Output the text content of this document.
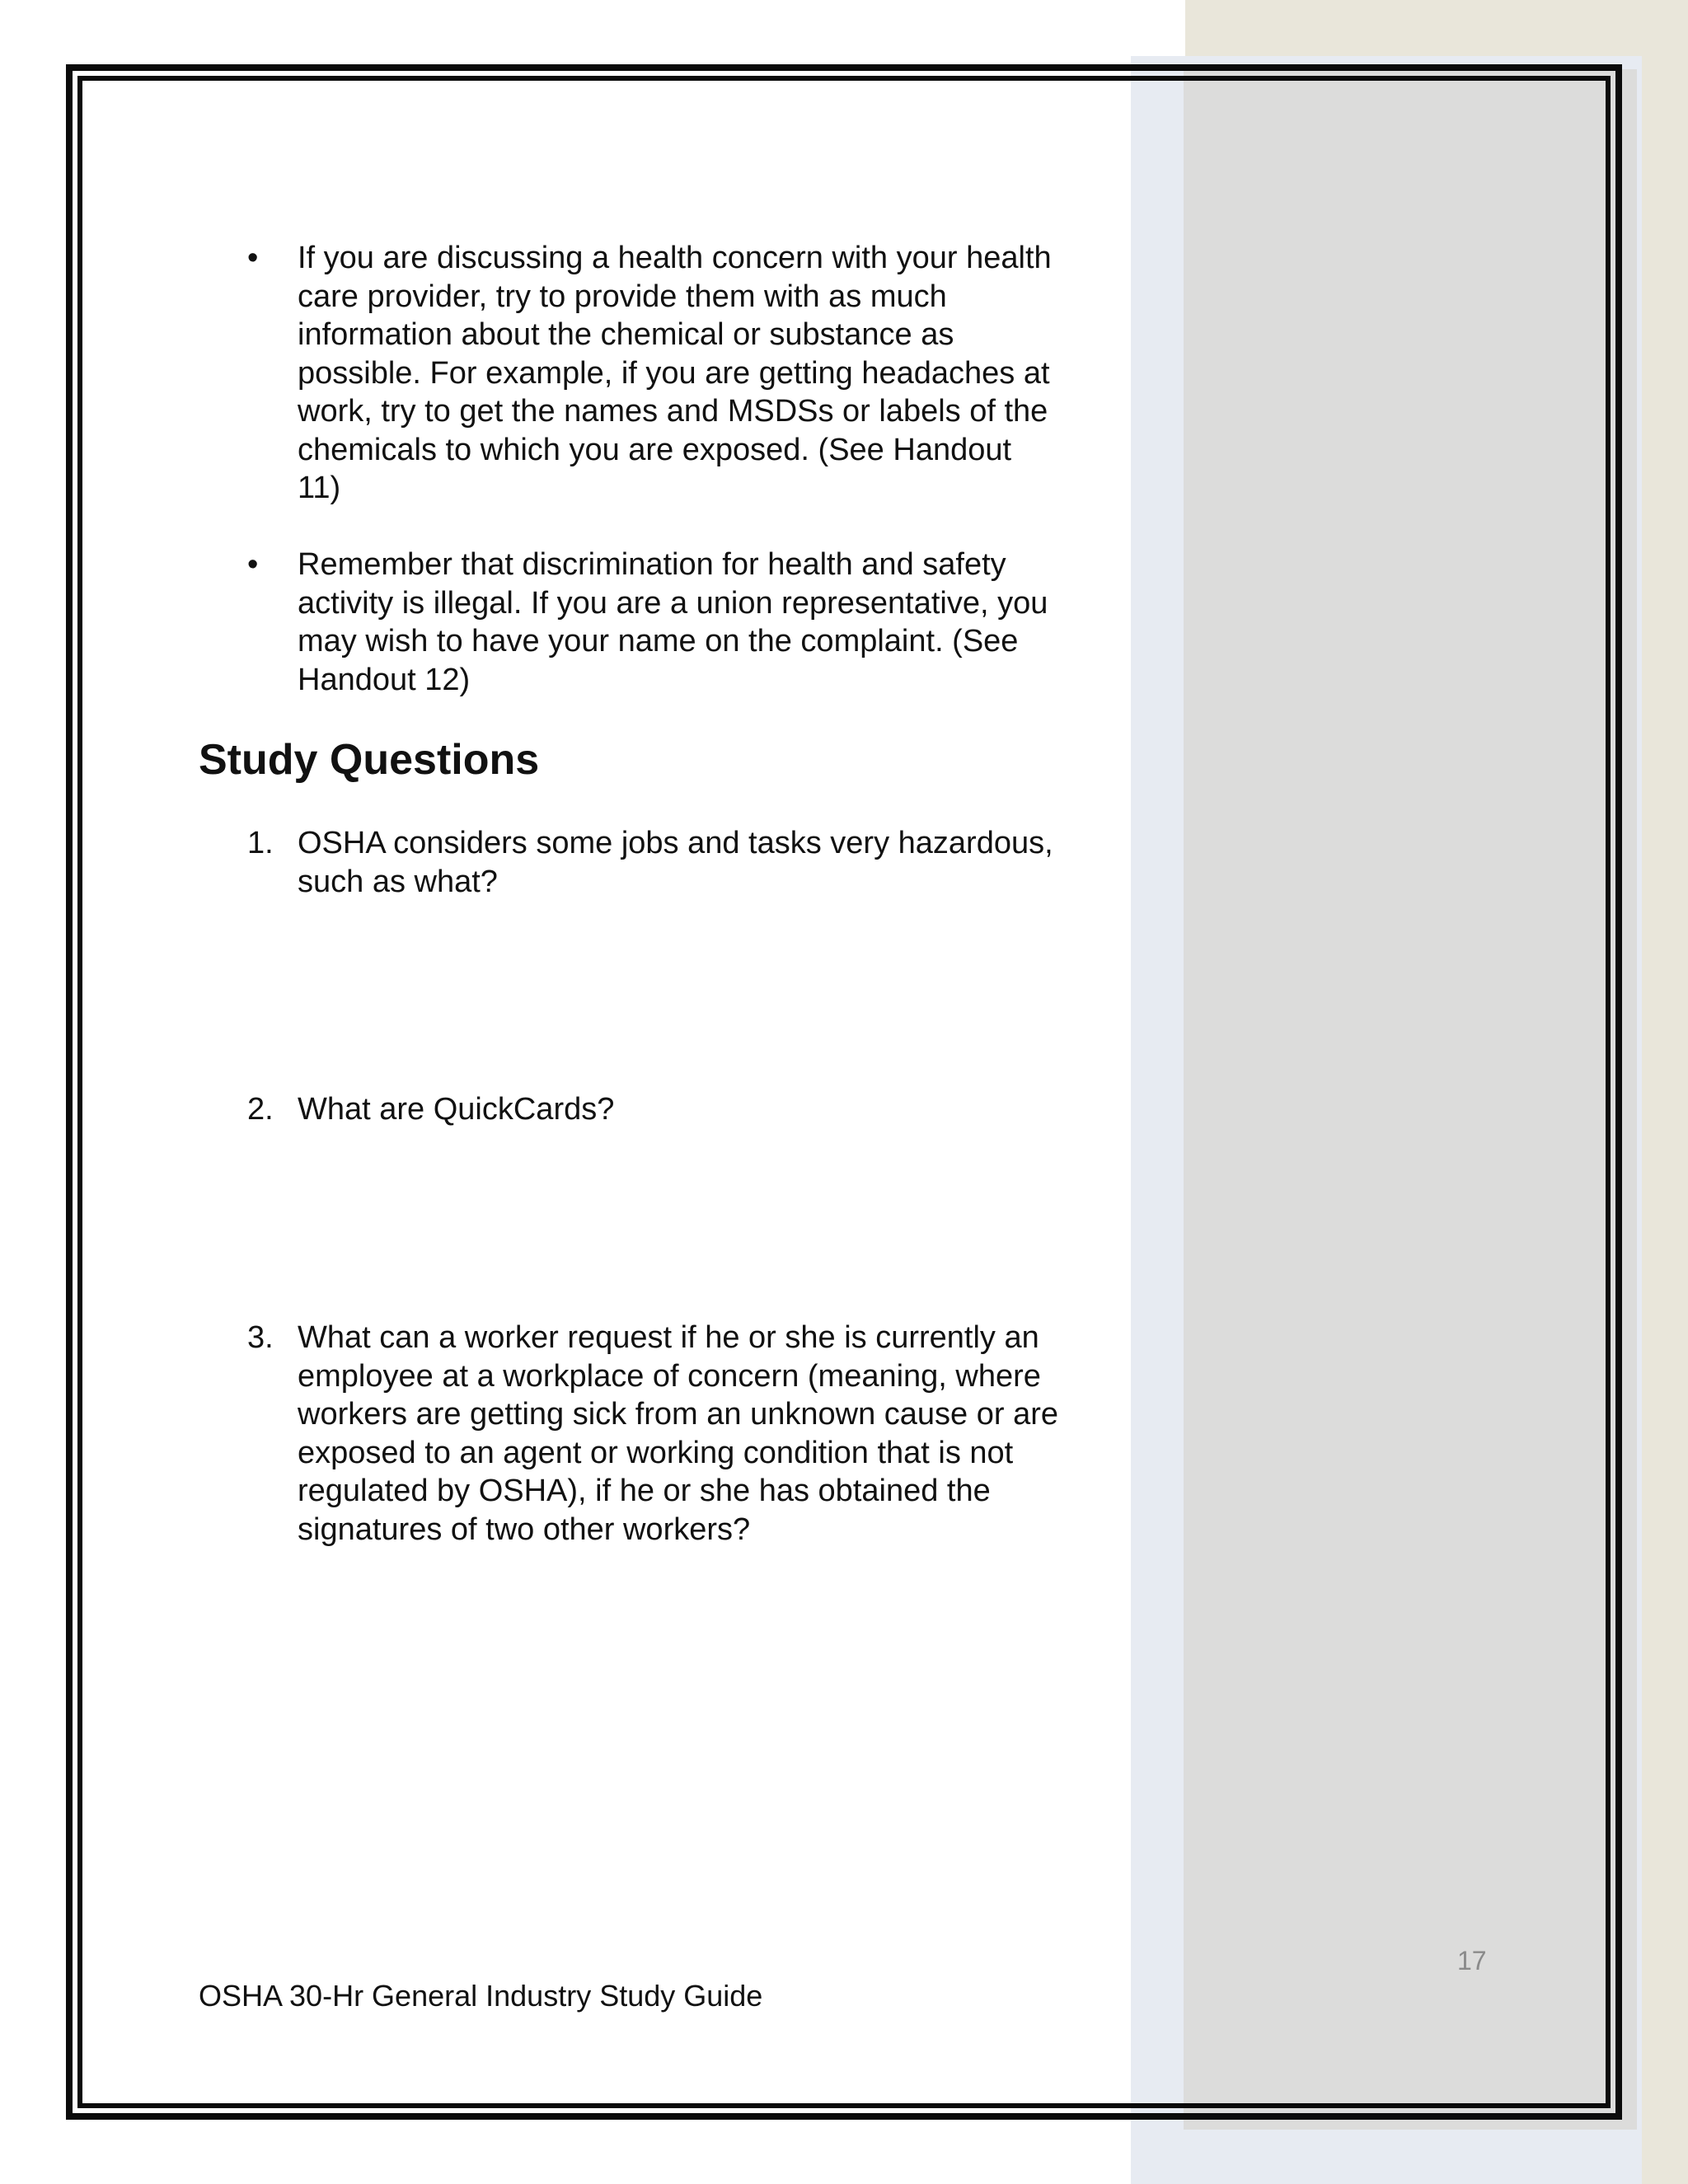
• If you are discussing a health concern with your health
care provider, try to provide them with as much
information about the chemical or substance as
possible. For example, if you are getting headaches at
work, try to get the names and MSDSs or labels of the
chemicals to which you are exposed. (See Handout
11)
• Remember that discrimination for health and safety
activity is illegal. If you are a union representative, you
may wish to have your name on the complaint. (See
Handout 12)
Study Questions
1. OSHA considers some jobs and tasks very hazardous,
such as what?
2. What are QuickCards?
3. What can a worker request if he or she is currently an
employee at a workplace of concern (meaning, where
workers are getting sick from an unknown cause or are
exposed to an agent or working condition that is not
regulated by OSHA), if he or she has obtained the
signatures of two other workers?
17
OSHA 30-Hr General Industry Study Guide
